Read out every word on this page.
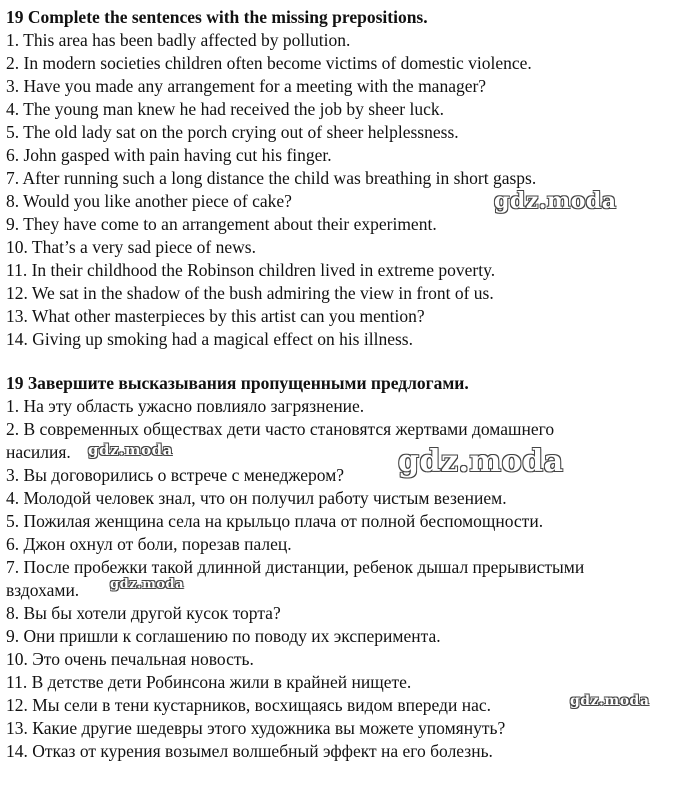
19 Complete the sentences with the missing prepositions.
1. This area has been badly affected by pollution.
2. In modern societies children often become victims of domestic violence.
3. Have you made any arrangement for a meeting with the manager?
4. The young man knew he had received the job by sheer luck.
5. The old lady sat on the porch crying out of sheer helplessness.
6. John gasped with pain having cut his finger.
7. After running such a long distance the child was breathing in short gasps.
8. Would you like another piece of cake?
9. They have come to an arrangement about their experiment.
10. That’s a very sad piece of news.
11. In their childhood the Robinson children lived in extreme poverty.
12. We sat in the shadow of the bush admiring the view in front of us.
13. What other masterpieces by this artist can you mention?
14. Giving up smoking had a magical effect on his illness.
19 Завершите высказывания пропущенными предлогами.
1. На эту область ужасно повлияло загрязнение.
2. В современных обществах дети часто становятся жертвами домашнего
насилия.
3. Вы договорились о встрече с менеджером?
4. Молодой человек знал, что он получил работу чистым везением.
5. Пожилая женщина села на крыльцо плача от полной беспомощности.
6. Джон охнул от боли, порезав палец.
7. После пробежки такой длинной дистанции, ребенок дышал прерывистыми
вздохами.
8. Вы бы хотели другой кусок торта?
9. Они пришли к соглашению по поводу их эксперимента.
10. Это очень печальная новость.
11. В детстве дети Робинсона жили в крайней нищете.
12. Мы сели в тени кустарников, восхищаясь видом впереди нас.
13. Какие другие шедевры этого художника вы можете упомянуть?
14. Отказ от курения возымел волшебный эффект на его болезнь.
gdz.moda
gdz.moda	gdz.moda
gdz.moda
gdz.moda
